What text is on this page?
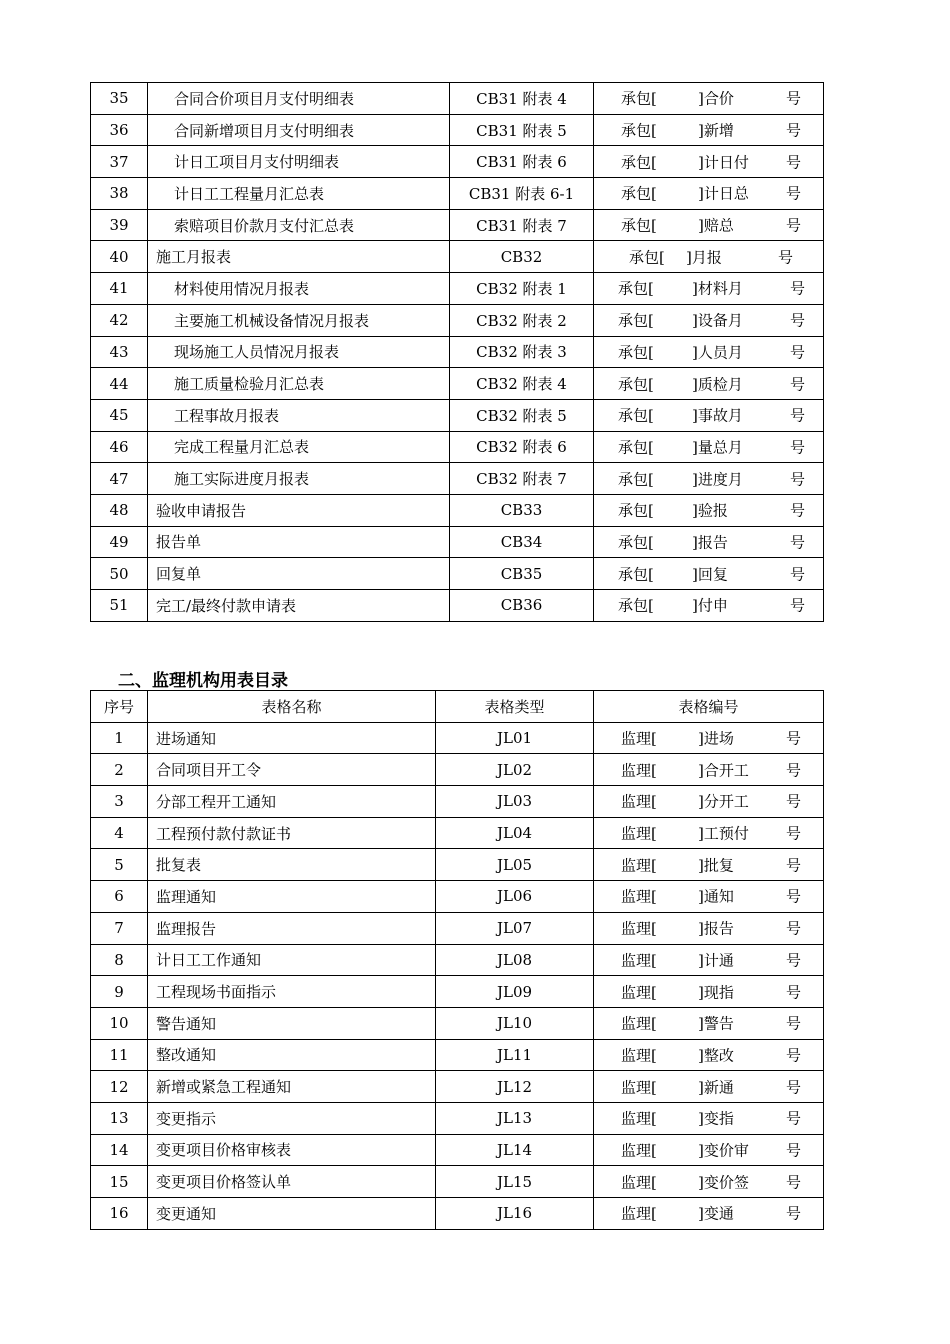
35	合同合价项目月支付明细表	CB31 附表 4	承包[ ]合价 号

36	合同新增项目月支付明细表	CB31 附表 5	承包[ ]新增 号

37	计日工项目月支付明细表	CB31 附表 6	承包[ ]计日付 号

38	计日工工程量月汇总表	CB31 附表 6-1	承包[ ]计日总 号

39	索赔项目价款月支付汇总表	CB31 附表 7	承包[ ]赔总 号

40	施工月报表	CB32	承包[ ]月报 号

41	材料使用情况月报表	CB32 附表 1	承包[ ]材料月 号

42	主要施工机械设备情况月报表	CB32 附表 2	承包[ ]设备月 号

43	现场施工人员情况月报表	CB32 附表 3	承包[ ]人员月 号

44	施工质量检验月汇总表	CB32 附表 4	承包[ ]质检月 号

45	工程事故月报表	CB32 附表 5	承包[ ]事故月 号

46	完成工程量月汇总表	CB32 附表 6	承包[ ]量总月 号

47	施工实际进度月报表	CB32 附表 7	承包[ ]进度月 号

48	验收申请报告	CB33	承包[ ]验报 号

49	报告单	CB34	承包[ ]报告 号

50	回复单	CB35	承包[ ]回复 号

51	完工/最终付款申请表	CB36	承包[ ]付申 号
二、监理机构用表目录
序号	表格名称	表格类型	表格编号
1	进场通知	JL01	监理[ ]进场 号

2	合同项目开工令	JL02	监理[ ]合开工 号

3	分部工程开工通知	JL03	监理[ ]分开工 号

4	工程预付款付款证书	JL04	监理[ ]工预付 号

5	批复表	JL05	监理[ ]批复 号

6	监理通知	JL06	监理[ ]通知 号

7	监理报告	JL07	监理[ ]报告 号

8	计日工工作通知	JL08	监理[ ]计通 号

9	工程现场书面指示	JL09	监理[ ]现指 号

10	警告通知	JL10	监理[ ]警告 号

11	整改通知	JL11	监理[ ]整改 号

12	新增或紧急工程通知	JL12	监理[ ]新通 号

13	变更指示	JL13	监理[ ]变指 号

14	变更项目价格审核表	JL14	监理[ ]变价审 号

15	变更项目价格签认单	JL15	监理[ ]变价签 号

16	变更通知	JL16	监理[ ]变通 号
